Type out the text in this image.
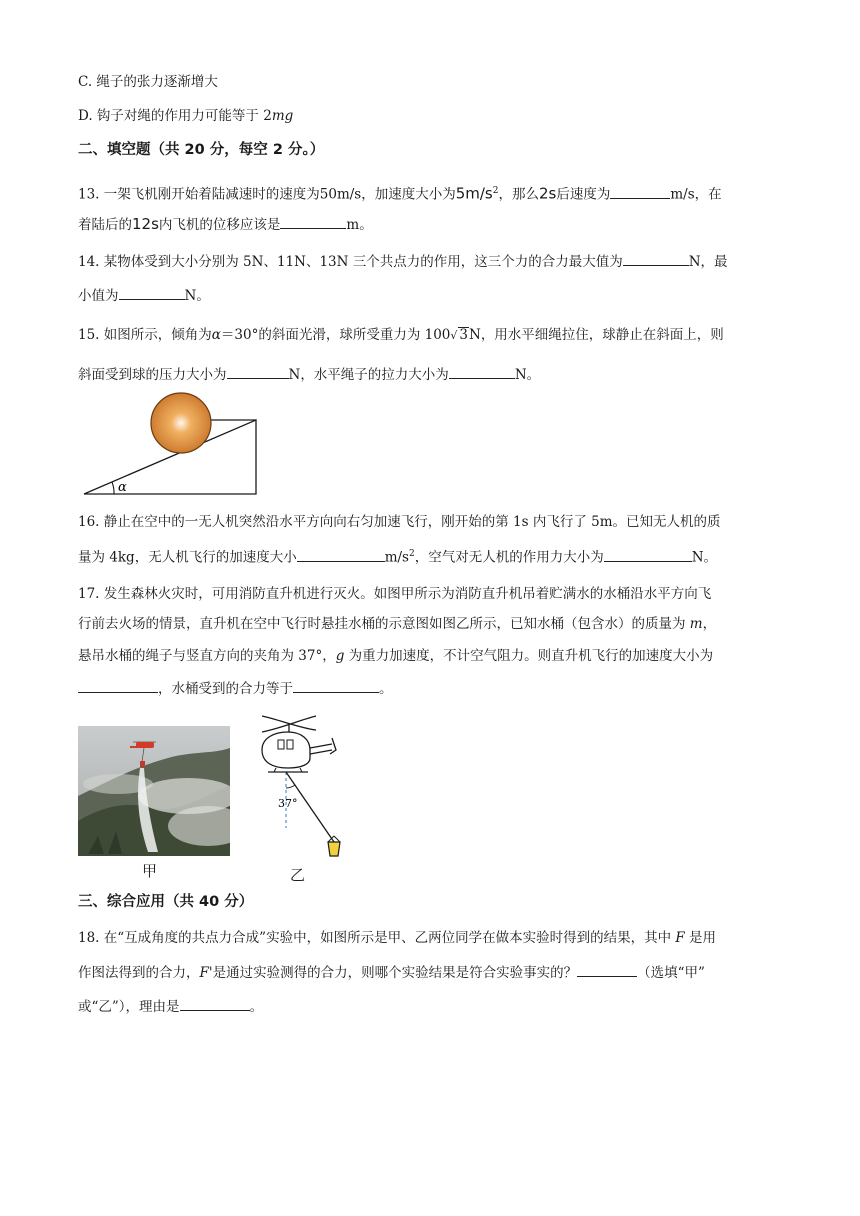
C. 绳子的张力逐渐增大
D. 钩子对绳的作用力可能等于 2mg
二、填空题（共 20 分，每空 2 分。）
13. 一架飞机刚开始着陆减速时的速度为50m/s，加速度大小为$5m/s^2$，那么2s后速度为	m/s，在
着陆后的12s内飞机的位移应该是	m。
14. 某物体受到大小分别为 5N、11N、13N 三个共点力的作用，这三个力的合力最大值为	N，最
小值为	N。
15. 如图所示，倾角为α＝30°的斜面光滑，球所受重力为 100√ 3N，用水平细绳拉住，球静止在斜面上，则
斜面受到球的压力大小为	N，水平绳子的拉力大小为	N。
α
16. 静止在空中的一无人机突然沿水平方向向右匀加速飞行，刚开始的第 1s 内飞行了 5m。已知无人机的质
量为 4kg，无人机飞行的加速度大小	$m/s^2$，空气对无人机的作用力大小为	N。
17. 发生森林火灾时，可用消防直升机进行灭火。如图甲所示为消防直升机吊着贮满水的水桶沿水平方向飞
行前去火场的情景，直升机在空中飞行时悬挂水桶的示意图如图乙所示，已知水桶（包含水）的质量为 m，
悬吊水桶的绳子与竖直方向的夹角为 37°，g 为重力加速度，不计空气阻力。则直升机飞行的加速度大小为
，水桶受到的合力等于	。
甲
37°
乙
三、综合应用（共 40 分）
18. 在“互成角度的共点力合成”实验中，如图所示是甲、乙两位同学在做本实验时得到的结果，其中 F 是用
作图法得到的合力，F'是通过实验测得的合力，则哪个实验结果是符合实验事实的？	（选填“甲”
或“乙”），理由是	。
